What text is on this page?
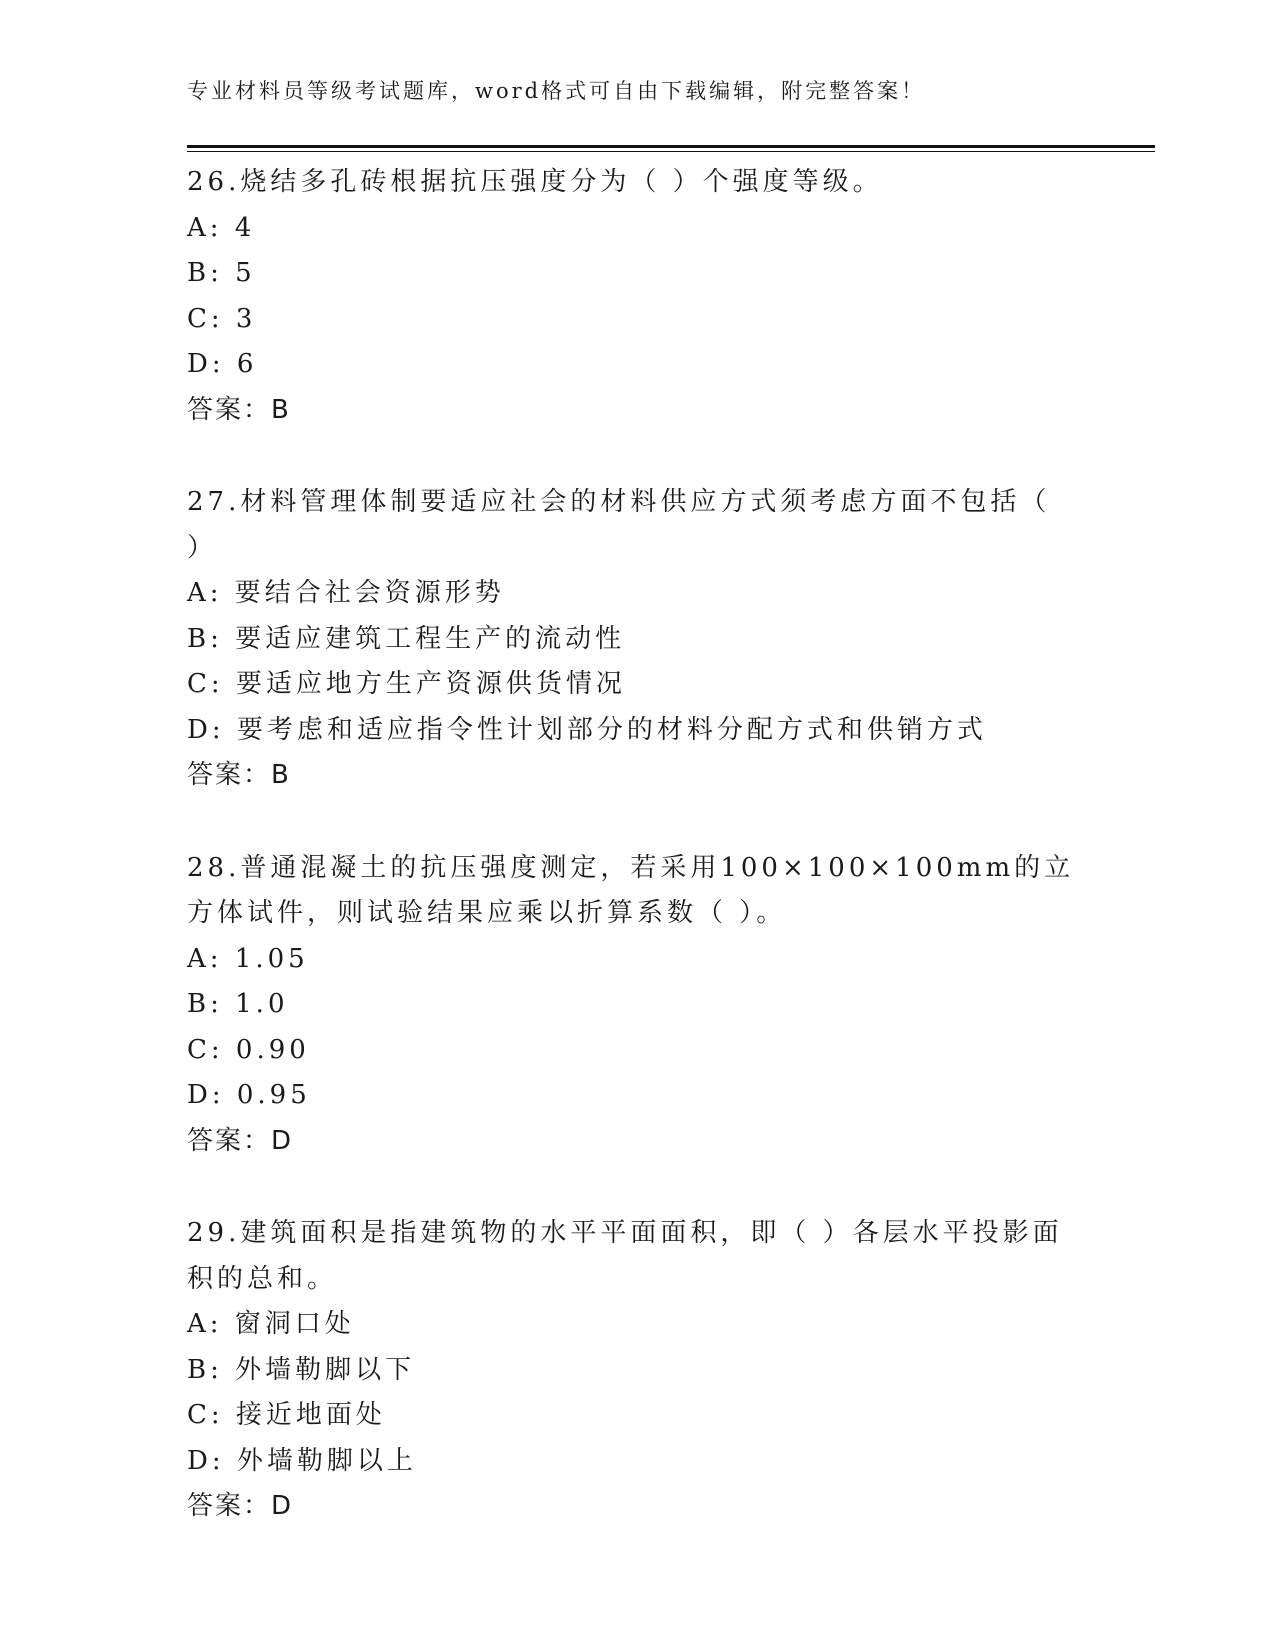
专业材料员等级考试题库，word格式可自由下载编辑，附完整答案！

26.烧结多孔砖根据抗压强度分为（ ）个强度等级。

A: 4

B: 5

C: 3

D: 6

答案：B

27.材料管理体制要适应社会的材料供应方式须考虑方面不包括（ ）

A: 要结合社会资源形势

B: 要适应建筑工程生产的流动性

C: 要适应地方生产资源供货情况

D: 要考虑和适应指令性计划部分的材料分配方式和供销方式

答案：B

28.普通混凝土的抗压强度测定，若采用100×100×100mm的立方体试件，则试验结果应乘以折算系数（ ）。

A: 1.05

B: 1.0

C: 0.90

D: 0.95

答案：D

29.建筑面积是指建筑物的水平平面面积，即（ ）各层水平投影面积的总和。

A: 窗洞口处

B: 外墙勒脚以下

C: 接近地面处

D: 外墙勒脚以上

答案：D
